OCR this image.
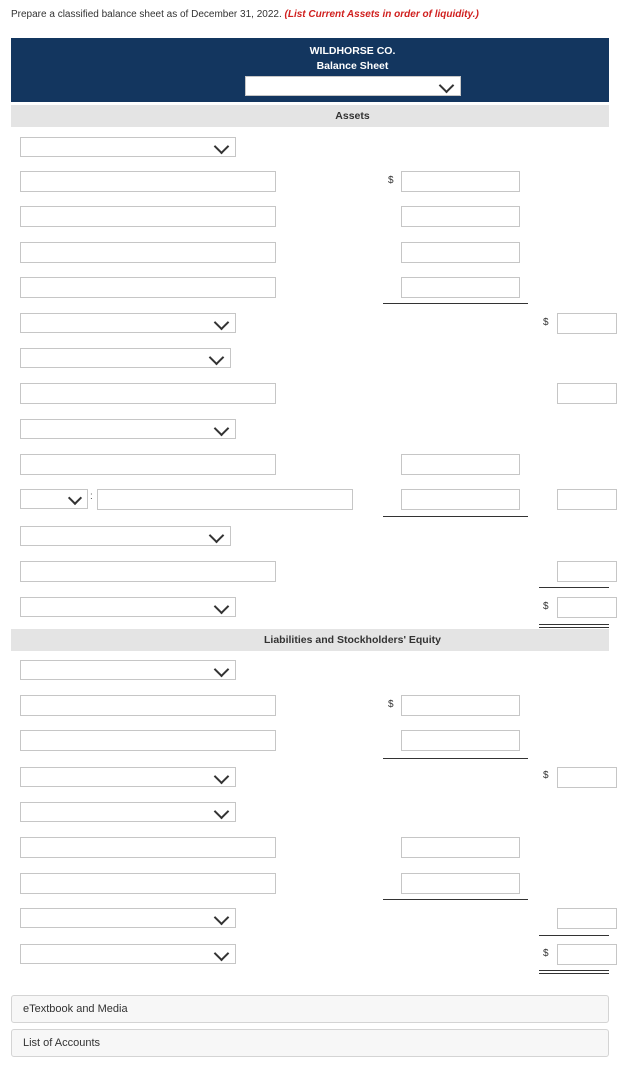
Prepare a classified balance sheet as of December 31, 2022. (List Current Assets in order of liquidity.)
WILDHORSE CO.
Balance Sheet
Assets
$
$
:
$
Liabilities and Stockholders' Equity
$
$
$
eTextbook and Media
List of Accounts
